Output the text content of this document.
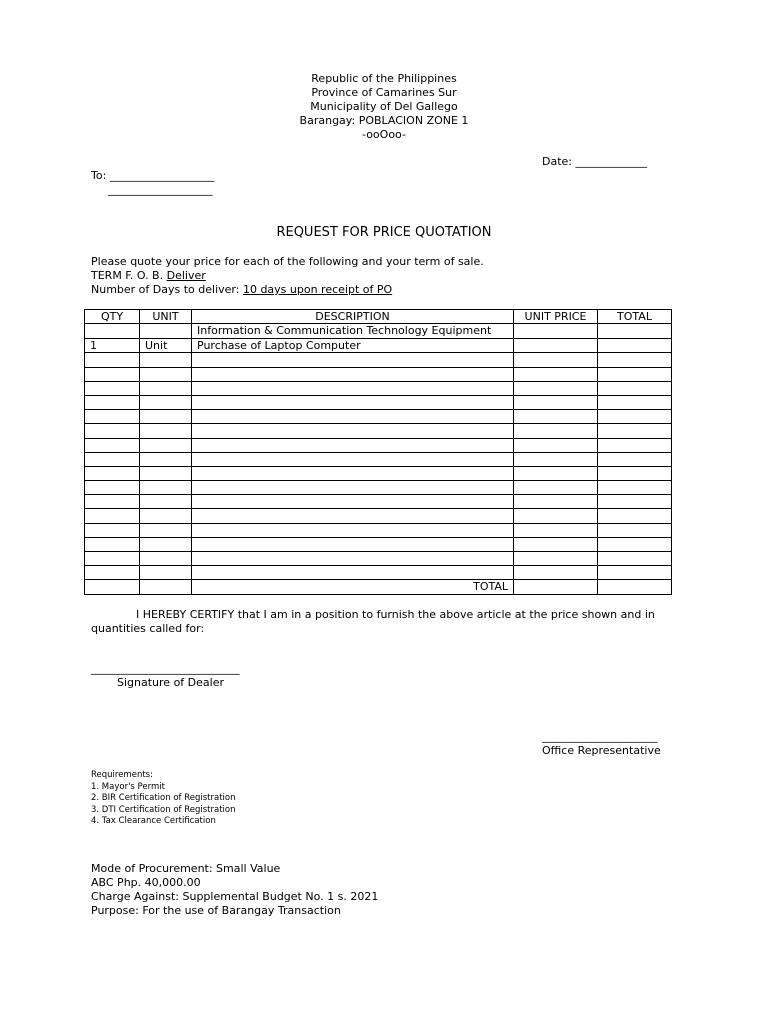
Republic of the Philippines
Province of Camarines Sur
Municipality of Del Gallego
Barangay: POBLACION ZONE 1
-ooOoo-
Date: _____________
To: ___________________
___________________
REQUEST FOR PRICE QUOTATION
Please quote your price for each of the following and your term of sale.
TERM F. O. B. Deliver
Number of Days to deliver: 10 days upon receipt of PO
QTY	UNIT	DESCRIPTION	UNIT PRICE	TOTAL
		Information & Communication Technology Equipment		
1	Unit	Purchase of Laptop Computer		

		TOTAL		
I HEREBY CERTIFY that I am in a position to furnish the above article at the price shown and in
quantities called for:
___________________________
Signature of Dealer
_____________________
Office Representative
Requirements:
1. Mayor's Permit
2. BIR Certification of Registration
3. DTI Certification of Registration
4. Tax Clearance Certification
Mode of Procurement: Small Value
ABC Php. 40,000.00
Charge Against: Supplemental Budget No. 1 s. 2021
Purpose: For the use of Barangay Transaction
